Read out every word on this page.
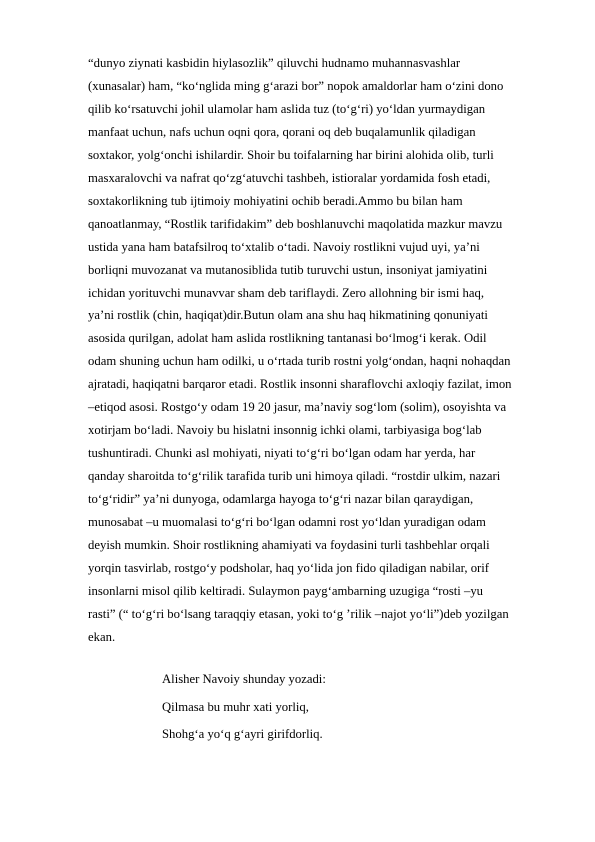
“dunyo ziynati kasbidin hiylasozlik” qiluvchi hudnamo muhannasvashlar
(xunasalar) ham, “ko‘nglida ming g‘arazi bor” nopok amaldorlar ham o‘zini dono
qilib ko‘rsatuvchi johil ulamolar ham aslida tuz (to‘g‘ri) yo‘ldan yurmaydigan
manfaat uchun, nafs uchun oqni qora, qorani oq deb buqalamunlik qiladigan
soxtakor, yolg‘onchi ishilardir. Shoir bu toifalarning har birini alohida olib, turli
masxaralovchi va nafrat qo‘zg‘atuvchi tashbeh, istioralar yordamida fosh etadi,
soxtakorlikning tub ijtimoiy mohiyatini ochib beradi.Ammo bu bilan ham
qanoatlanmay, “Rostlik tarifidakim” deb boshlanuvchi maqolatida mazkur mavzu
ustida yana ham batafsilroq to‘xtalib o‘tadi. Navoiy rostlikni vujud uyi, ya’ni
borliqni muvozanat va mutanosiblida tutib turuvchi ustun, insoniyat jamiyatini
ichidan yorituvchi munavvar sham deb tariflaydi. Zero allohning bir ismi haq,
ya’ni rostlik (chin, haqiqat)dir.Butun olam ana shu haq hikmatining qonuniyati
asosida qurilgan, adolat ham aslida rostlikning tantanasi bo‘lmog‘i kerak. Odil
odam shuning uchun ham odilki, u o‘rtada turib rostni yolg‘ondan, haqni nohaqdan
ajratadi, haqiqatni barqaror etadi. Rostlik insonni sharaflovchi axloqiy fazilat, imon
–etiqod asosi. Rostgo‘y odam 19 20 jasur, ma’naviy sog‘lom (solim), osoyishta va
xotirjam bo‘ladi. Navoiy bu hislatni insonnig ichki olami, tarbiyasiga bog‘lab
tushuntiradi. Chunki asl mohiyati, niyati to‘g‘ri bo‘lgan odam har yerda, har
qanday sharoitda to‘g‘rilik tarafida turib uni himoya qiladi. “rostdir ulkim, nazari
to‘g‘ridir” ya’ni dunyoga, odamlarga hayoga to‘g‘ri nazar bilan qaraydigan,
munosabat –u muomalasi to‘g‘ri bo‘lgan odamni rost yo‘ldan yuradigan odam
deyish mumkin. Shoir rostlikning ahamiyati va foydasini turli tashbehlar orqali
yorqin tasvirlab, rostgo‘y podsholar, haq yo‘lida jon fido qiladigan nabilar, orif
insonlarni misol qilib keltiradi. Sulaymon payg‘ambarning uzugiga “rosti –yu
rasti” (“ to‘g‘ri bo‘lsang taraqqiy etasan, yoki to‘g ’rilik –najot yo‘li”)deb yozilgan
ekan.
Alisher Navoiy shunday yozadi:
Qilmasa bu muhr xati yorliq,
Shohg‘a yo‘q g‘ayri girifdorliq.
